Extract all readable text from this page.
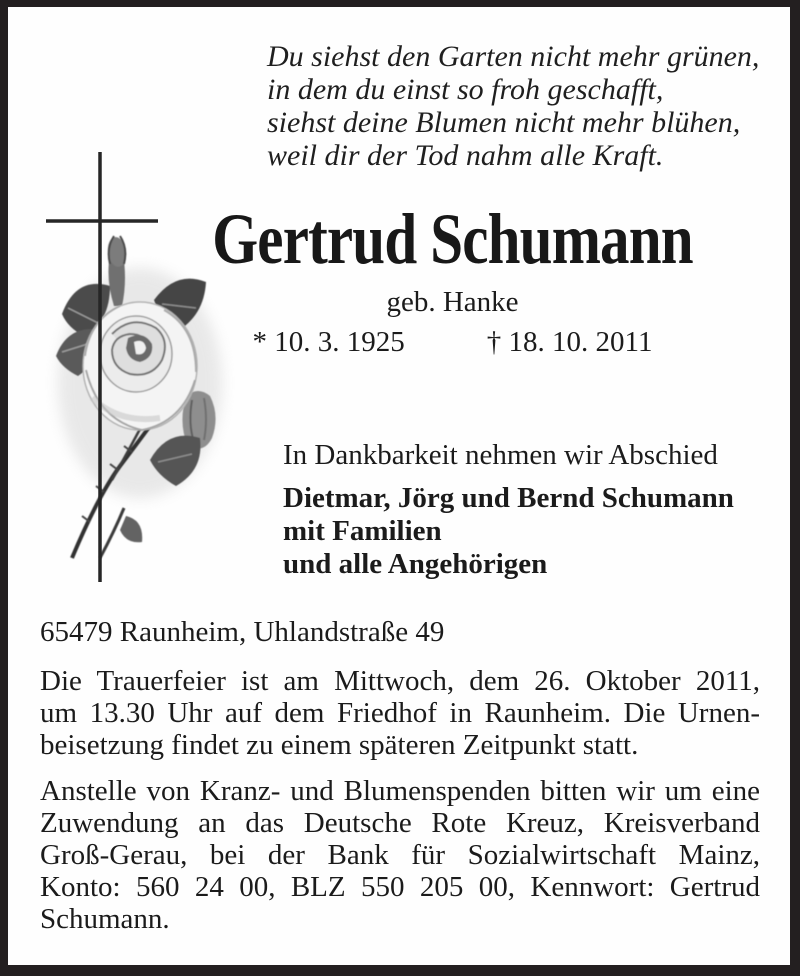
Du siehst den Garten nicht mehr grünen,
in dem du einst so froh geschafft,
siehst deine Blumen nicht mehr blühen,
weil dir der Tod nahm alle Kraft.
Gertrud Schumann
geb. Hanke
* 10. 3. 1925	† 18. 10. 2011
In Dankbarkeit nehmen wir Abschied
Dietmar, Jörg und Bernd Schumann
mit Familien
und alle Angehörigen
65479 Raunheim, Uhlandstraße 49
Die Trauerfeier ist am Mittwoch, dem 26. Oktober 2011,
um 13.30 Uhr auf dem Friedhof in Raunheim. Die Urnen-
beisetzung findet zu einem späteren Zeitpunkt statt.
Anstelle von Kranz- und Blumenspenden bitten wir um eine
Zuwendung an das Deutsche Rote Kreuz, Kreisverband
Groß-Gerau, bei der Bank für Sozialwirtschaft Mainz,
Konto: 560 24 00, BLZ 550 205 00, Kennwort: Gertrud
Schumann.
